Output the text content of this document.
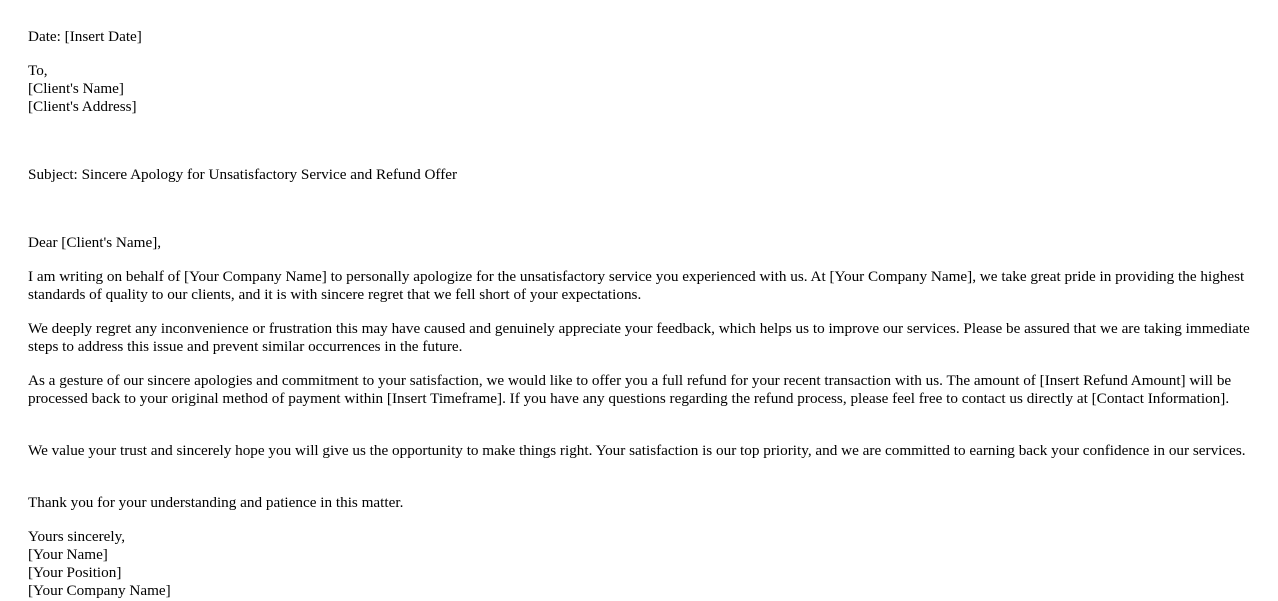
Date: [Insert Date]

To,
[Client's Name]
[Client's Address]

Subject: Sincere Apology for Unsatisfactory Service and Refund Offer

Dear [Client's Name],

I am writing on behalf of [Your Company Name] to personally apologize for the unsatisfactory service you experienced with us. At [Your Company Name], we take great pride in providing the highest standards of quality to our clients, and it is with sincere regret that we fell short of your expectations.

We deeply regret any inconvenience or frustration this may have caused and genuinely appreciate your feedback, which helps us to improve our services. Please be assured that we are taking immediate steps to address this issue and prevent similar occurrences in the future.

As a gesture of our sincere apologies and commitment to your satisfaction, we would like to offer you a full refund for your recent transaction with us. The amount of [Insert Refund Amount] will be processed back to your original method of payment within [Insert Timeframe]. If you have any questions regarding the refund process, please feel free to contact us directly at [Contact Information].

We value your trust and sincerely hope you will give us the opportunity to make things right. Your satisfaction is our top priority, and we are committed to earning back your confidence in our services.

Thank you for your understanding and patience in this matter.

Yours sincerely,
[Your Name]
[Your Position]
[Your Company Name]
